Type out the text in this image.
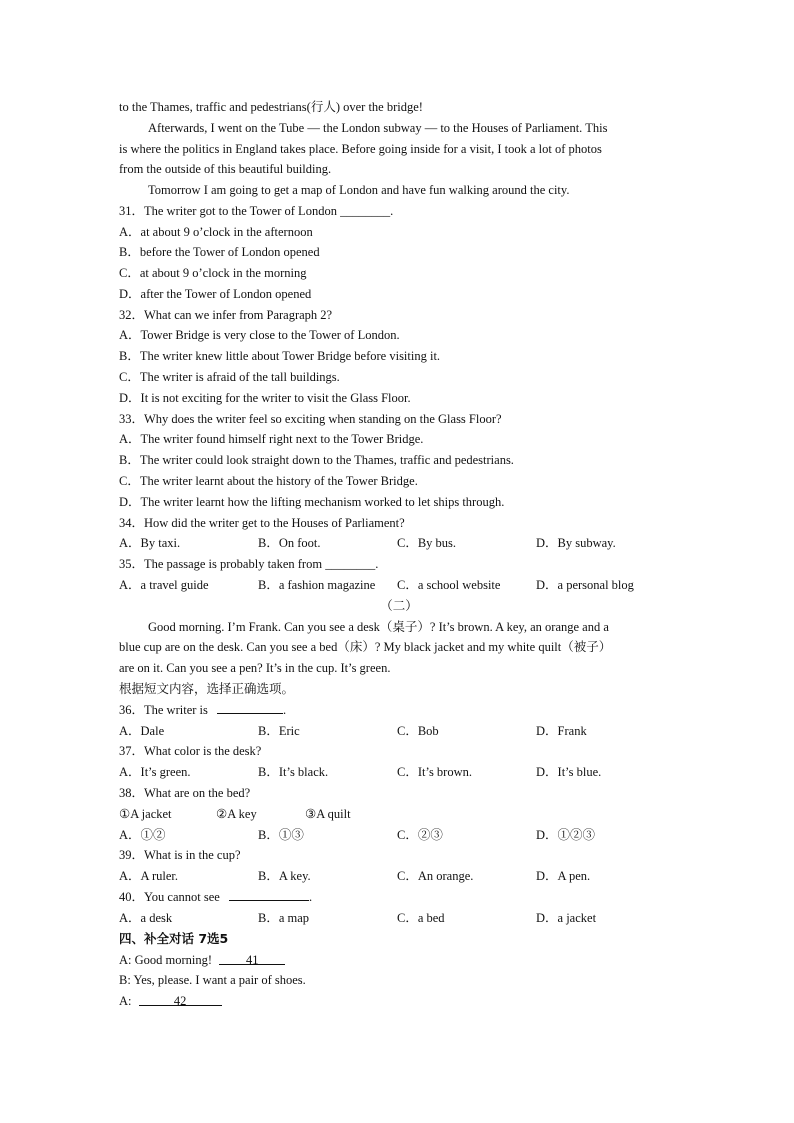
to the Thames, traffic and pedestrians(行人) over the bridge!
Afterwards, I went on the Tube — the London subway — to the Houses of Parliament. This
is where the politics in England takes place. Before going inside for a visit, I took a lot of photos
from the outside of this beautiful building.
Tomorrow I am going to get a map of London and have fun walking around the city.
31．The writer got to the Tower of London ________.
A．at about 9 o’clock in the afternoon
B．before the Tower of London opened
C．at about 9 o’clock in the morning
D．after the Tower of London opened
32．What can we infer from Paragraph 2?
A．Tower Bridge is very close to the Tower of London.
B．The writer knew little about Tower Bridge before visiting it.
C．The writer is afraid of the tall buildings.
D．It is not exciting for the writer to visit the Glass Floor.
33．Why does the writer feel so exciting when standing on the Glass Floor?
A．The writer found himself right next to the Tower Bridge.
B．The writer could look straight down to the Thames, traffic and pedestrians.
C．The writer learnt about the history of the Tower Bridge.
D．The writer learnt how the lifting mechanism worked to let ships through.
34．How did the writer get to the Houses of Parliament?
A．By taxi.	B．On foot.	C．By bus.	D．By subway.
35．The passage is probably taken from ________.
A．a travel guide	B．a fashion magazine C．a school website	D．a personal blog
（二）
Good morning. I’m Frank. Can you see a desk（桌子）? It’s brown. A key, an orange and a
blue cup are on the desk. Can you see a bed（床）? My black jacket and my white quilt（被子）
are on it. Can you see a pen? It’s in the cup. It’s green.
根据短文内容，选择正确选项。
36．The writer is	.
A．Dale	B．Eric	C．Bob	D．Frank
37．What color is the desk?
A．It’s green.	B．It’s black.	C．It’s brown.	D．It’s blue.
38．What are on the bed?
①A jacket	②A key	③A quilt
A．①②	B．①③	C．②③	D．①②③
39．What is in the cup?
A．A ruler.	B．A key.	C．An orange.	D．A pen.
40．You cannot see	.
A．a desk	B．a map	C．a bed	D．a jacket
四、补全对话 7选5
A: Good morning!	41
B: Yes, please. I want a pair of shoes.
A:	42
